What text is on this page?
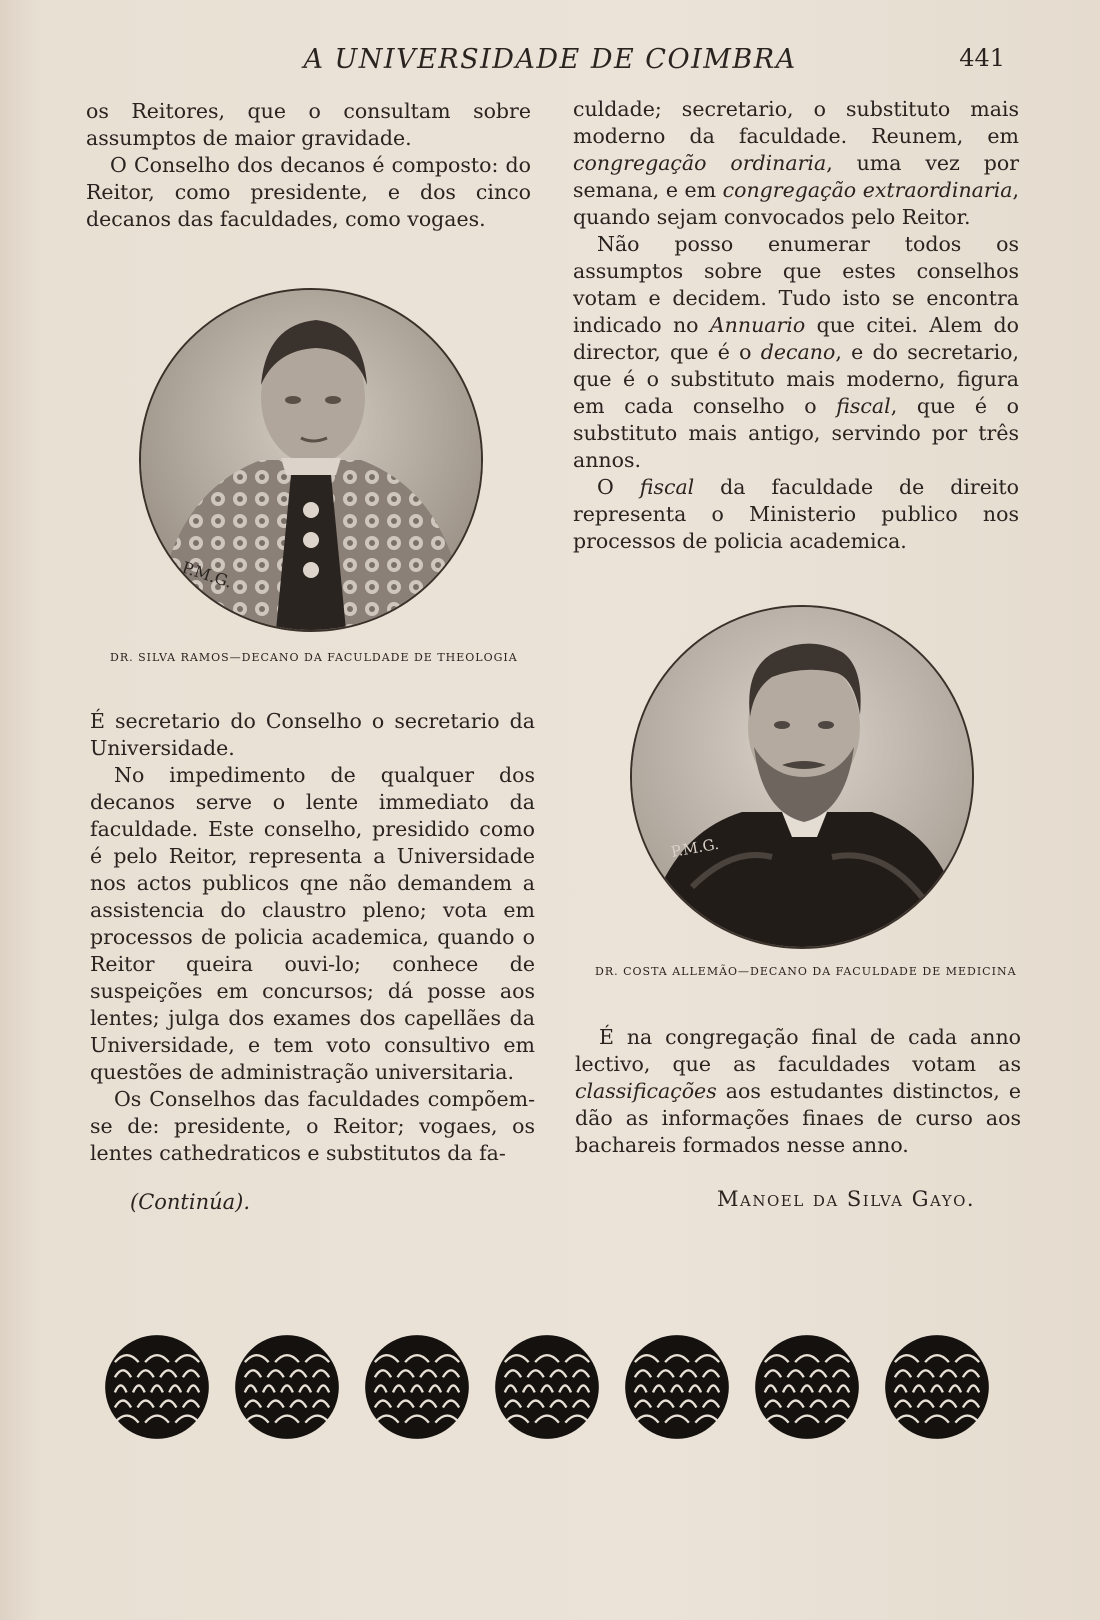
A UNIVERSIDADE DE COIMBRA	441

os Reitores, que o consultam sobre assumptos de maior gravidade.

O Conselho dos decanos é composto: do Reitor, como presidente, e dos cinco decanos das faculdades, como vogaes.

P.M.G.
DR. SILVA RAMOS—DECANO DA FACULDADE DE THEOLOGIA

É secretario do Conselho o secretario da Universidade.

No impedimento de qualquer dos decanos serve o lente immediato da faculdade. Este conselho, presidido como é pelo Reitor, representa a Universidade nos actos publicos qne não demandem a assistencia do claustro pleno; vota em processos de policia academica, quando o Reitor queira ouvi-lo; conhece de suspeições em concursos; dá posse aos lentes; julga dos exames dos capellães da Universidade, e tem voto consultivo em questões de administração universitaria.

Os Conselhos das faculdades compõem-se de: presidente, o Reitor; vogaes, os lentes cathedraticos e substitutos da fa-

culdade; secretario, o substituto mais moderno da faculdade. Reunem, em congregação ordinaria, uma vez por semana, e em congregação extraordinaria, quando sejam convocados pelo Reitor.

Não posso enumerar todos os assumptos sobre que estes conselhos votam e decidem. Tudo isto se encontra indicado no Annuario que citei. Alem do director, que é o decano, e do secretario, que é o substituto mais moderno, figura em cada conselho o fiscal, que é o substituto mais antigo, servindo por três annos.

O fiscal da faculdade de direito representa o Ministerio publico nos processos de policia academica.

P.M.G.
DR. COSTA ALLEMÃO—DECANO DA FACULDADE DE MEDICINA

É na congregação final de cada anno lectivo, que as faculdades votam as classificações aos estudantes distinctos, e dão as informações finaes de curso aos bachareis formados nesse anno.

(Continúa).	Manoel da Silva Gayo.
